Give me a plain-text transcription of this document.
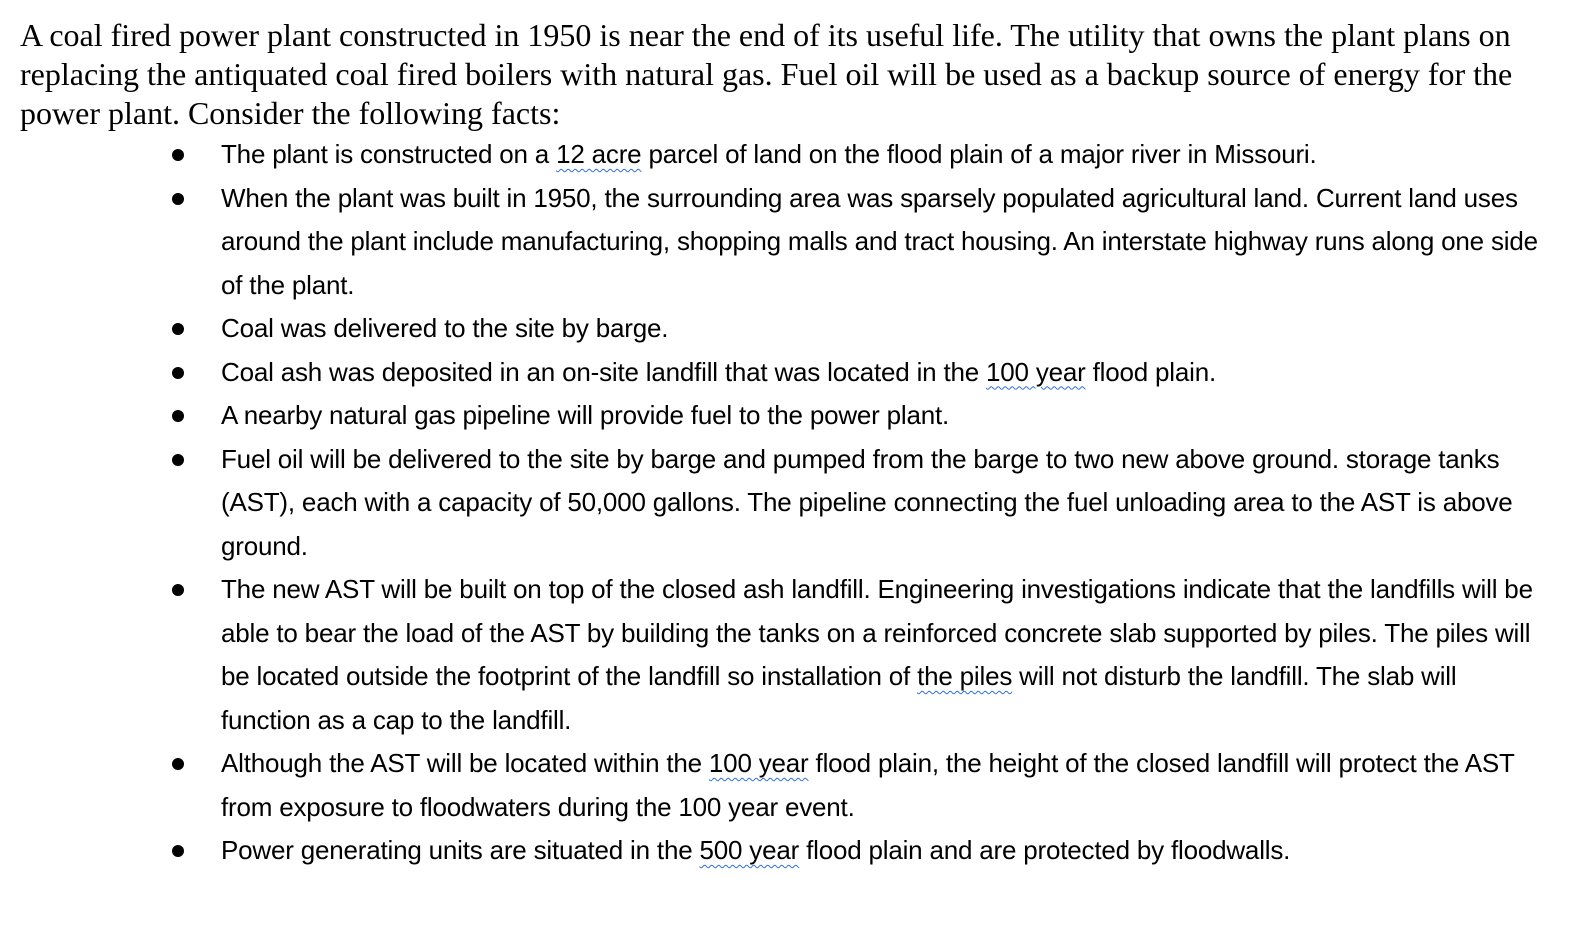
A coal fired power plant constructed in 1950 is near the end of its useful life. The utility that owns the plant plans on replacing the antiquated coal fired boilers with natural gas. Fuel oil will be used as a backup source of energy for the power plant. Consider the following facts:

The plant is constructed on a 12 acre parcel of land on the flood plain of a major river in Missouri.
When the plant was built in 1950, the surrounding area was sparsely populated agricultural land. Current land uses around the plant include manufacturing, shopping malls and tract housing. An interstate highway runs along one side of the plant.
Coal was delivered to the site by barge.
Coal ash was deposited in an on-site landfill that was located in the 100 year flood plain.
A nearby natural gas pipeline will provide fuel to the power plant.
Fuel oil will be delivered to the site by barge and pumped from the barge to two new above ground. storage tanks (AST), each with a capacity of 50,000 gallons. The pipeline connecting the fuel unloading area to the AST is above ground.
The new AST will be built on top of the closed ash landfill. Engineering investigations indicate that the landfills will be able to bear the load of the AST by building the tanks on a reinforced concrete slab supported by piles. The piles will be located outside the footprint of the landfill so installation of the piles will not disturb the landfill. The slab will function as a cap to the landfill.
Although the AST will be located within the 100 year flood plain, the height of the closed landfill will protect the AST from exposure to floodwaters during the 100 year event.
Power generating units are situated in the 500 year flood plain and are protected by floodwalls.
